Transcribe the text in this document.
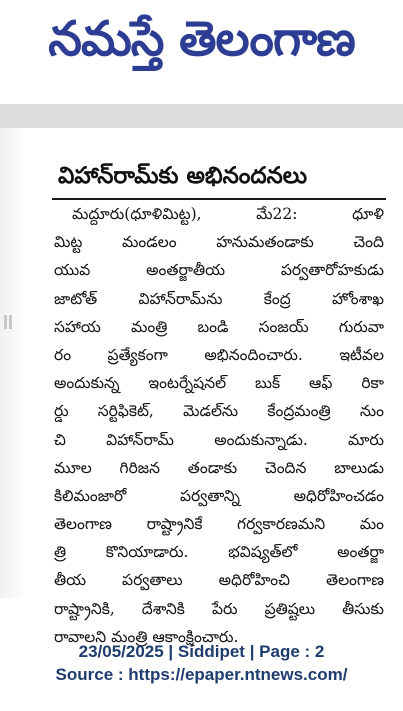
నమస్తే తెలంగాణ
విహాన్‌రామ్‌కు అభినందనలు
మద్దూరు(ధూళిమిట్ట), మే22: ధూళి
మిట్ట మండలం హనుమతండాకు చెంది
యువ అంతర్జాతీయ పర్వతారోహకుడు
జాటోత్ విహాన్‌రామ్‌ను కేంద్ర హోంశాఖ
సహాయ మంత్రి బండి సంజయ్ గురువా
రం ప్రత్యేకంగా అభినందించారు. ఇటీవల
అందుకున్న ఇంటర్నేషనల్ బుక్ ఆఫ్ రికా
ర్డు సర్టిఫికెట్, మెడల్‌ను కేంద్రమంత్రి నుం
చి విహాన్‌రామ్ అందుకున్నాడు. మారు
మూల గిరిజన తండాకు చెందిన బాలుడు
కిలిమంజారో పర్వతాన్ని అధిరోహించడం
తెలంగాణ రాష్ట్రానికే గర్వకారణమని మం
త్రి కొనియాడారు. భవిష్యత్‌లో అంతర్జా
తీయ పర్వతాలు అధిరోహించి తెలంగాణ
రాష్ట్రానికి, దేశానికి పేరు ప్రతిష్టలు తీసుకు
రావాలని మంత్రి ఆకాంక్షించారు.
23/05/2025 | Siddipet | Page : 2
Source : https://epaper.ntnews.com/
